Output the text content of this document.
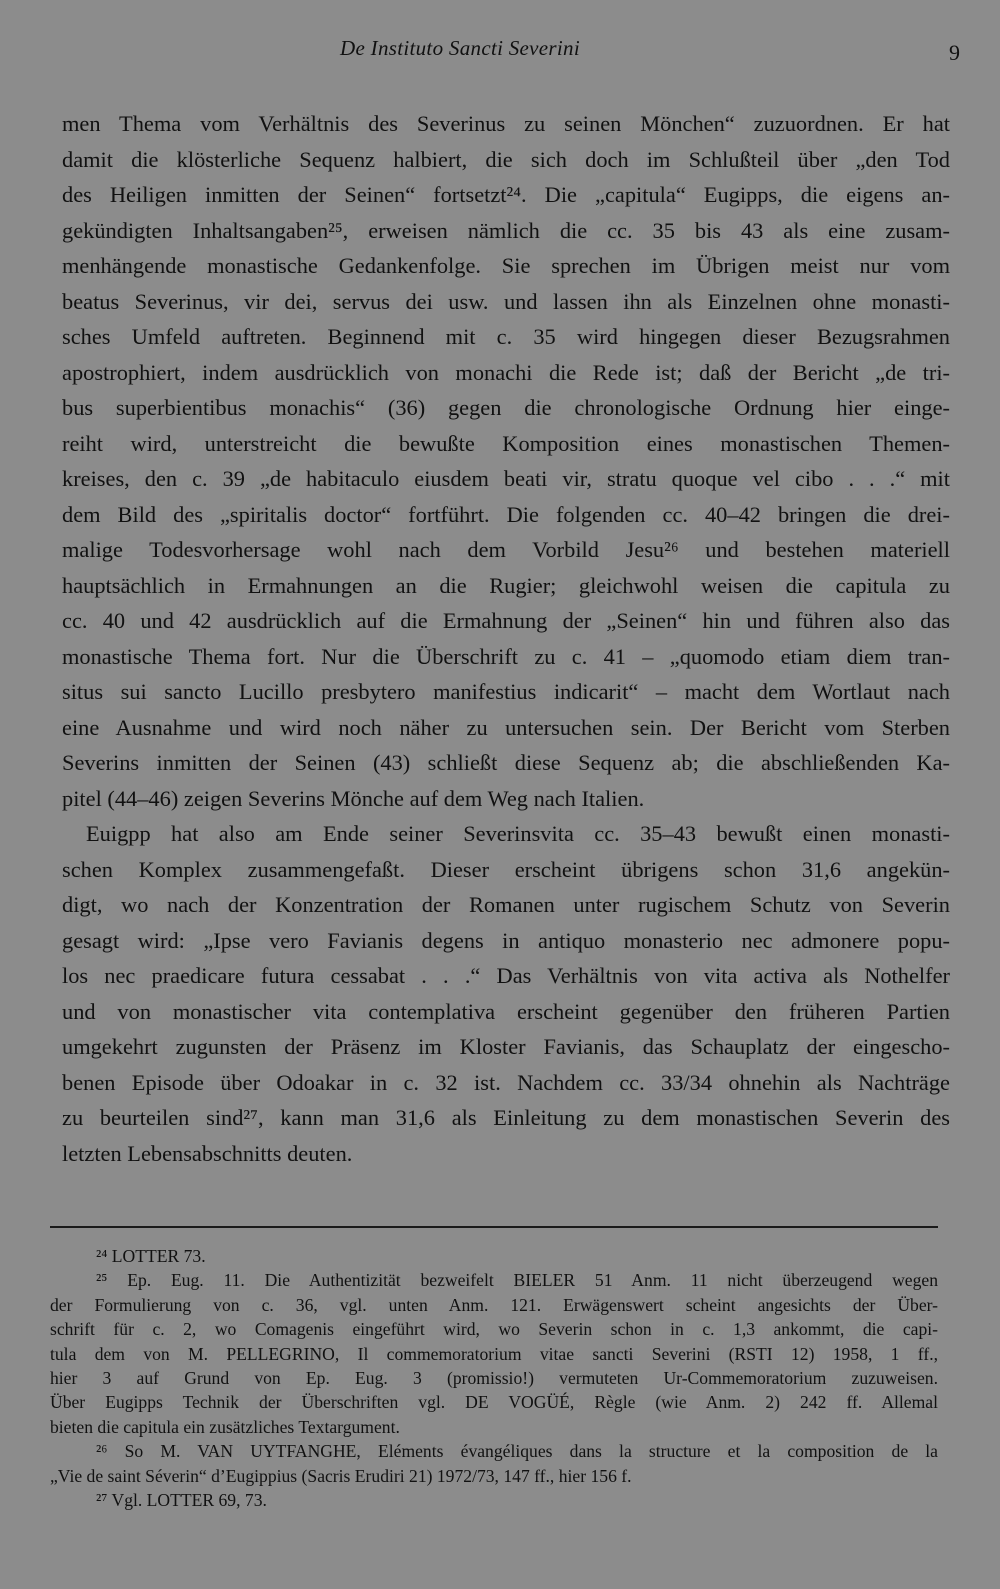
De Instituto Sancti Severini	9
men Thema vom Verhältnis des Severinus zu seinen Mönchen“ zuzuordnen. Er hat
damit die klösterliche Sequenz halbiert, die sich doch im Schlußteil über „den Tod
des Heiligen inmitten der Seinen“ fortsetzt²⁴. Die „capitula“ Eugipps, die eigens an-
gekündigten Inhaltsangaben²⁵, erweisen nämlich die cc. 35 bis 43 als eine zusam-
menhängende monastische Gedankenfolge. Sie sprechen im Übrigen meist nur vom
beatus Severinus, vir dei, servus dei usw. und lassen ihn als Einzelnen ohne monasti-
sches Umfeld auftreten. Beginnend mit c. 35 wird hingegen dieser Bezugsrahmen
apostrophiert, indem ausdrücklich von monachi die Rede ist; daß der Bericht „de tri-
bus superbientibus monachis“ (36) gegen die chronologische Ordnung hier einge-
reiht wird, unterstreicht die bewußte Komposition eines monastischen Themen-
kreises, den c. 39 „de habitaculo eiusdem beati vir, stratu quoque vel cibo . . .“ mit
dem Bild des „spiritalis doctor“ fortführt. Die folgenden cc. 40–42 bringen die drei-
malige Todesvorhersage wohl nach dem Vorbild Jesu²⁶ und bestehen materiell
hauptsächlich in Ermahnungen an die Rugier; gleichwohl weisen die capitula zu
cc. 40 und 42 ausdrücklich auf die Ermahnung der „Seinen“ hin und führen also das
monastische Thema fort. Nur die Überschrift zu c. 41 – „quomodo etiam diem tran-
situs sui sancto Lucillo presbytero manifestius indicarit“ – macht dem Wortlaut nach
eine Ausnahme und wird noch näher zu untersuchen sein. Der Bericht vom Sterben
Severins inmitten der Seinen (43) schließt diese Sequenz ab; die abschließenden Ka-
pitel (44–46) zeigen Severins Mönche auf dem Weg nach Italien.
Euigpp hat also am Ende seiner Severinsvita cc. 35–43 bewußt einen monasti-
schen Komplex zusammengefaßt. Dieser erscheint übrigens schon 31,6 angekün-
digt, wo nach der Konzentration der Romanen unter rugischem Schutz von Severin
gesagt wird: „Ipse vero Favianis degens in antiquo monasterio nec admonere popu-
los nec praedicare futura cessabat . . .“ Das Verhältnis von vita activa als Nothelfer
und von monastischer vita contemplativa erscheint gegenüber den früheren Partien
umgekehrt zugunsten der Präsenz im Kloster Favianis, das Schauplatz der eingescho-
benen Episode über Odoakar in c. 32 ist. Nachdem cc. 33/34 ohnehin als Nachträge
zu beurteilen sind²⁷, kann man 31,6 als Einleitung zu dem monastischen Severin des
letzten Lebensabschnitts deuten.
²⁴ LOTTER 73.
²⁵ Ep. Eug. 11. Die Authentizität bezweifelt BIELER 51 Anm. 11 nicht überzeugend wegen
der Formulierung von c. 36, vgl. unten Anm. 121. Erwägenswert scheint angesichts der Über-
schrift für c. 2, wo Comagenis eingeführt wird, wo Severin schon in c. 1,3 ankommt, die capi-
tula dem von M. PELLEGRINO, Il commemoratorium vitae sancti Severini (RSTI 12) 1958, 1 ff.,
hier 3 auf Grund von Ep. Eug. 3 (promissio!) vermuteten Ur-Commemoratorium zuzuweisen.
Über Eugipps Technik der Überschriften vgl. DE VOGÜÉ, Règle (wie Anm. 2) 242 ff. Allemal
bieten die capitula ein zusätzliches Textargument.
²⁶ So M. VAN UYTFANGHE, Eléments évangéliques dans la structure et la composition de la
„Vie de saint Séverin“ d’Eugippius (Sacris Erudiri 21) 1972/73, 147 ff., hier 156 f.
²⁷ Vgl. LOTTER 69, 73.
